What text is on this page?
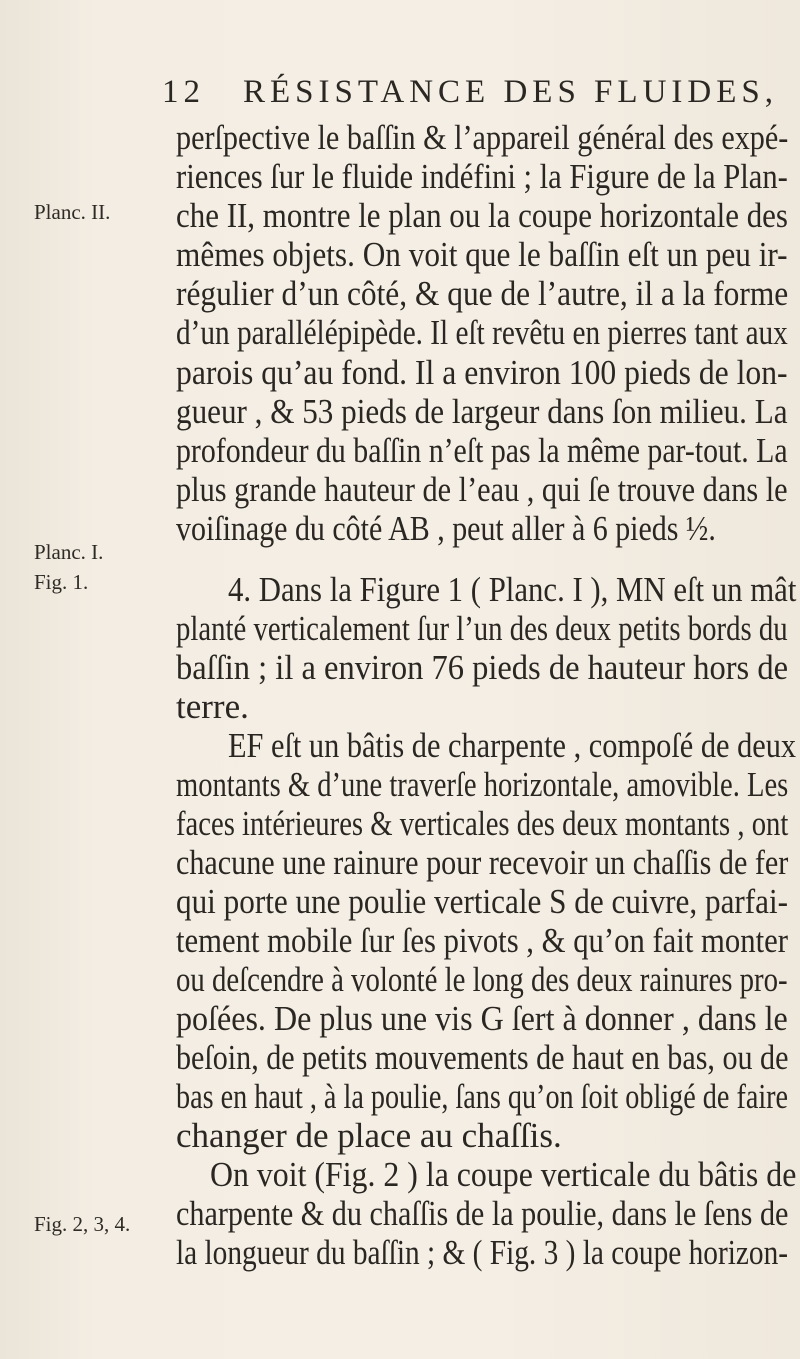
12 RÉSISTANCE DES FLUIDES,
Planc. II.
Planc. I.
Fig. 1.
Fig. 2, 3, 4.
perſpective le baſſin & l’appareil général des expé-
riences ſur le fluide indéfini ; la Figure de la Plan-
che II, montre le plan ou la coupe horizontale des
mêmes objets. On voit que le baſſin eſt un peu ir-
régulier d’un côté, & que de l’autre, il a la forme
d’un parallélépipède. Il eſt revêtu en pierres tant aux
parois qu’au fond. Il a environ 100 pieds de lon-
gueur , & 53 pieds de largeur dans ſon milieu. La
profondeur du baſſin n’eſt pas la même par-tout. La
plus grande hauteur de l’eau , qui ſe trouve dans le
voiſinage du côté AB , peut aller à 6 pieds ½.
4. Dans la Figure 1 ( Planc. I ), MN eſt un mât
planté verticalement ſur l’un des deux petits bords du
baſſin ; il a environ 76 pieds de hauteur hors de
terre.
EF eſt un bâtis de charpente , compoſé de deux
montants & d’une traverſe horizontale, amovible. Les
faces intérieures & verticales des deux montants , ont
chacune une rainure pour recevoir un chaſſis de fer
qui porte une poulie verticale S de cuivre, parfai-
tement mobile ſur ſes pivots , & qu’on fait monter
ou deſcendre à volonté le long des deux rainures pro-
poſées. De plus une vis G ſert à donner , dans le
beſoin, de petits mouvements de haut en bas, ou de
bas en haut , à la poulie, ſans qu’on ſoit obligé de faire
changer de place au chaſſis.
On voit (Fig. 2 ) la coupe verticale du bâtis de
charpente & du chaſſis de la poulie, dans le ſens de
la longueur du baſſin ; & ( Fig. 3 ) la coupe horizon-
